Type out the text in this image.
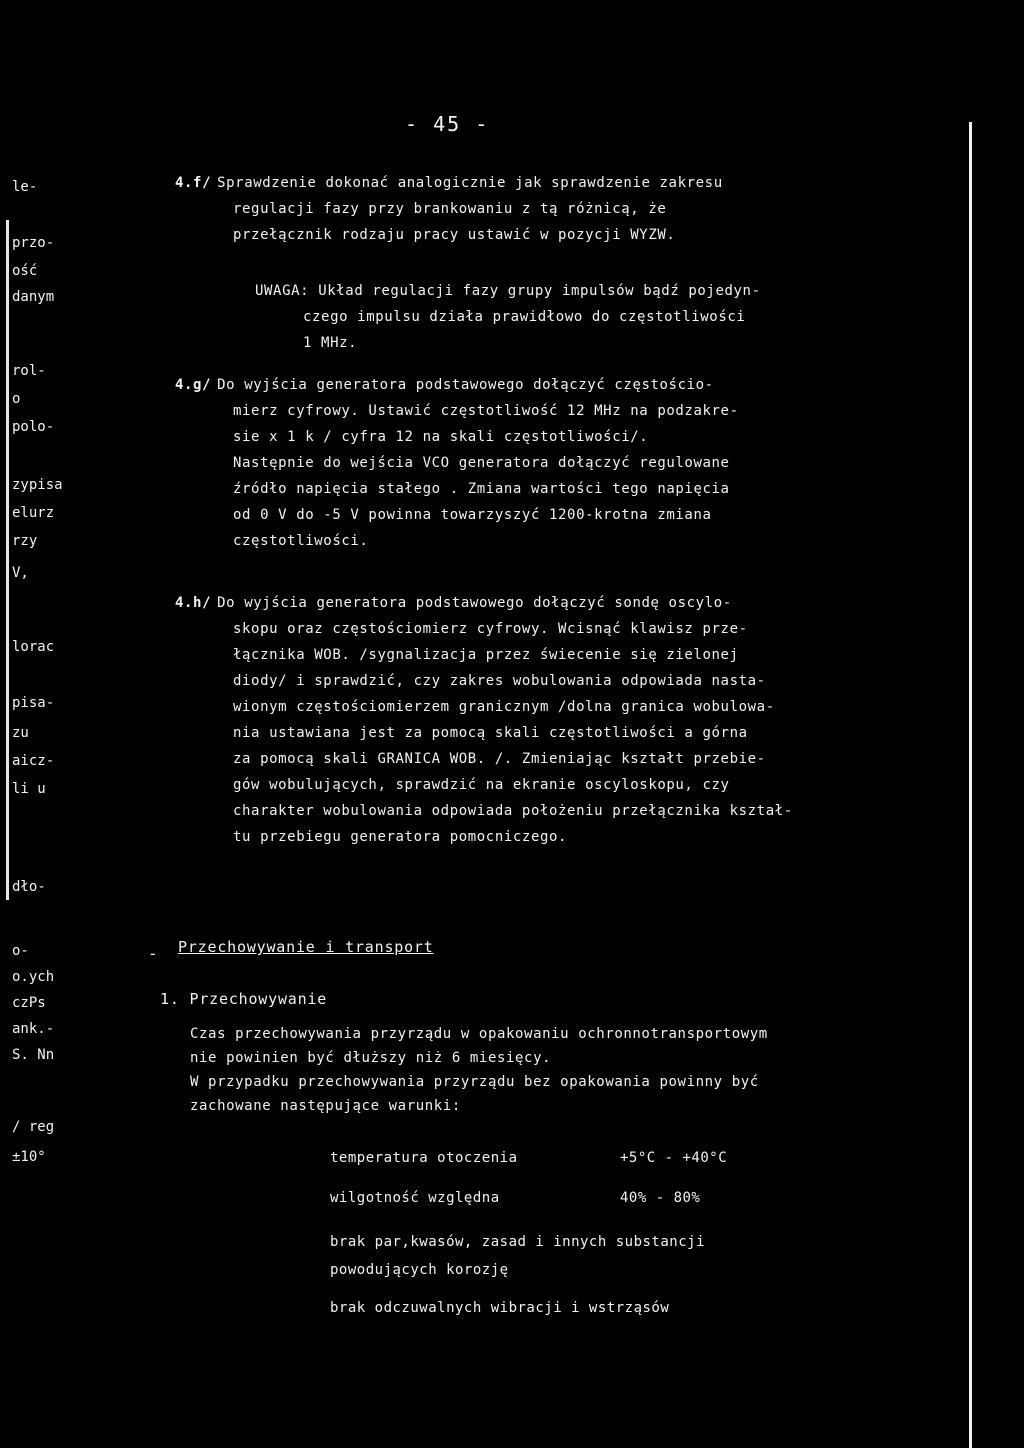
- 45 -
le-
przo-
ość
danym
rol-
o
polo-
zypisa
elurz
rzy
V,
lorac
pisa-
zu
aicz-
li u
dło-
o-
o.ych
czPs
ank.-
S. Nn
/ reg
±10°
4.f/ Sprawdzenie dokonać analogicznie jak sprawdzenie zakresu
regulacji fazy przy brankowaniu z tą różnicą, że
przełącznik rodzaju pracy ustawić w pozycji WYZW.
UWAGA: Układ regulacji fazy grupy impulsów bądź pojedyn-
czego impulsu działa prawidłowo do częstotliwości
1 MHz.
4.g/ Do wyjścia generatora podstawowego dołączyć częstościo-
mierz cyfrowy. Ustawić częstotliwość 12 MHz na podzakre-
sie x 1 k / cyfra 12 na skali częstotliwości/.
Następnie do wejścia VCO generatora dołączyć regulowane
źródło napięcia stałego . Zmiana wartości tego napięcia
od 0 V do -5 V powinna towarzyszyć 1200-krotna zmiana
częstotliwości.
4.h/ Do wyjścia generatora podstawowego dołączyć sondę oscylo-
skopu oraz częstościomierz cyfrowy. Wcisnąć klawisz prze-
łącznika WOB. /sygnalizacja przez świecenie się zielonej
diody/ i sprawdzić, czy zakres wobulowania odpowiada nasta-
wionym częstościomierzem granicznym /dolna granica wobulowa-
nia ustawiana jest za pomocą skali częstotliwości a górna
za pomocą skali GRANICA WOB. /. Zmieniając kształt przebie-
gów wobulujących, sprawdzić na ekranie oscyloskopu, czy
charakter wobulowania odpowiada położeniu przełącznika kształ-
tu przebiegu generatora pomocniczego.
- Przechowywanie i transport
1. Przechowywanie
Czas przechowywania przyrządu w opakowaniu ochronnotransportowym
nie powinien być dłuższy niż 6 miesięcy.
W przypadku przechowywania przyrządu bez opakowania powinny być
zachowane następujące warunki:
temperatura otoczenia	+5°C - +40°C
wilgotność względna	40% - 80%
brak par,kwasów, zasad i innych substancji
powodujących korozję
brak odczuwalnych wibracji i wstrząsów
